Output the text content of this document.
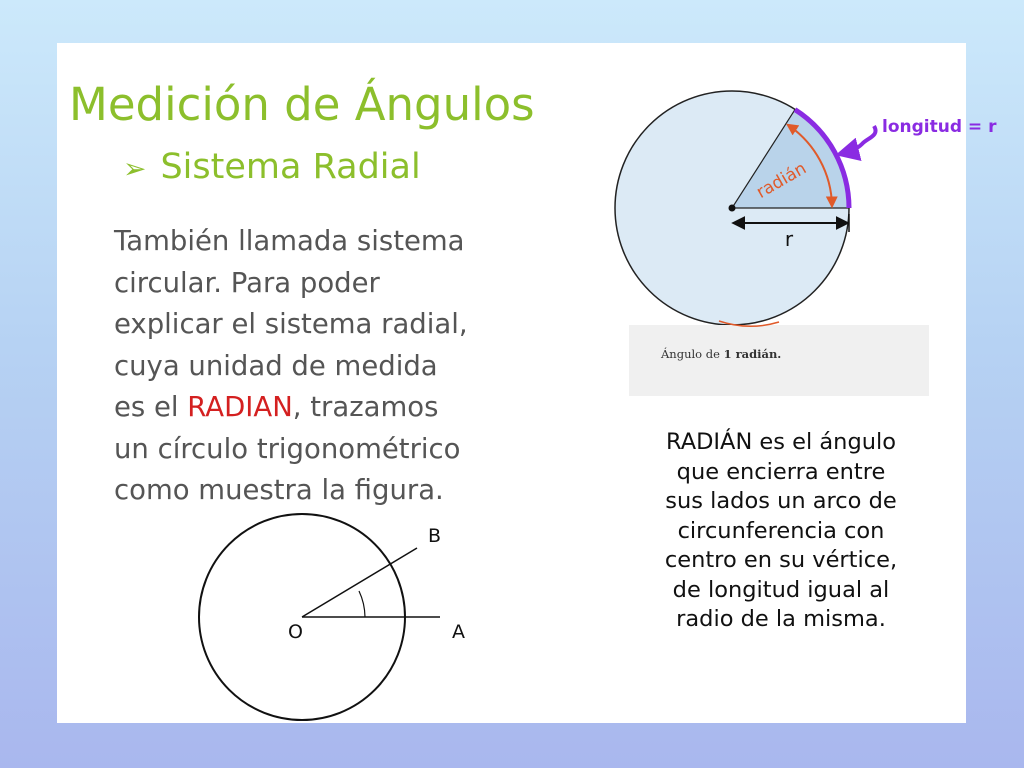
Medición de Ángulos
➢ Sistema Radial
También llamada sistema
circular. Para poder
explicar el sistema radial,
cuya unidad de medida
es el RADIAN, trazamos
un círculo trigonométrico
como muestra la figura.
r
radián
longitud = r
Ángulo de 1 radián.
RADIÁN es el ángulo
que encierra entre
sus lados un arco de
circunferencia con
centro en su vértice,
de longitud igual al
radio de la misma.
O	A
B
